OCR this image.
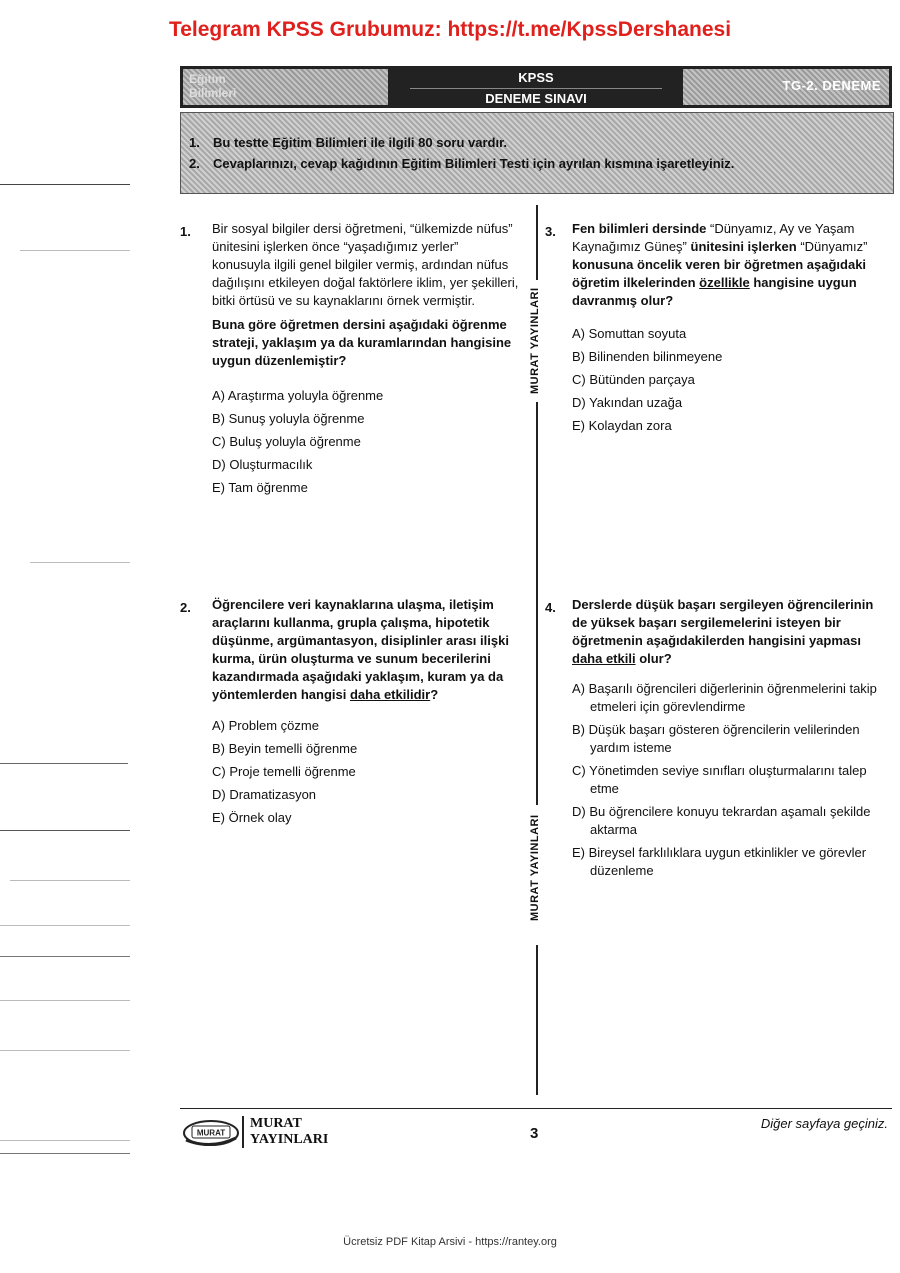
Telegram KPSS Grubumuz: https://t.me/KpssDershanesi
Eğitim
Bilimleri
KPSS
DENEME SINAVI
TG-2. DENEME
1. Bu testte Eğitim Bilimleri ile ilgili 80 soru vardır.
2. Cevaplarınızı, cevap kağıdının Eğitim Bilimleri Testi için ayrılan kısmına işaretleyiniz.
MURAT YAYINLARI
MURAT YAYINLARI
1. Bir sosyal bilgiler dersi öğretmeni, “ülkemizde nüfus” ünitesini işlerken önce “yaşadığımız yerler” konusuyla ilgili genel bilgiler vermiş, ardından nüfus dağılışını etkileyen doğal faktörlere iklim, yer şekilleri, bitki örtüsü ve su kaynaklarını örnek vermiştir.
Buna göre öğretmen dersini aşağıdaki öğrenme strateji, yaklaşım ya da kuramlarından hangisine uygun düzenlemiştir?
A) Araştırma yoluyla öğrenme
B) Sunuş yoluyla öğrenme
C) Buluş yoluyla öğrenme
D) Oluşturmacılık
E) Tam öğrenme
3. Fen bilimleri dersinde “Dünyamız, Ay ve Yaşam Kaynağımız Güneş” ünitesini işlerken “Dünyamız” konusuna öncelik veren bir öğretmen aşağıdaki öğretim ilkelerinden özellikle hangisine uygun davranmış olur?
A) Somuttan soyuta
B) Bilinenden bilinmeyene
C) Bütünden parçaya
D) Yakından uzağa
E) Kolaydan zora
2. Öğrencilere veri kaynaklarına ulaşma, iletişim araçlarını kullanma, grupla çalışma, hipotetik düşünme, argümantasyon, disiplinler arası ilişki kurma, ürün oluşturma ve sunum becerilerini kazandırmada aşağıdaki yaklaşım, kuram ya da yöntemlerden hangisi daha etkilidir?
A) Problem çözme
B) Beyin temelli öğrenme
C) Proje temelli öğrenme
D) Dramatizasyon
E) Örnek olay
4. Derslerde düşük başarı sergileyen öğrencilerinin de yüksek başarı sergilemelerini isteyen bir öğretmenin aşağıdakilerden hangisini yapması daha etkili olur?
A) Başarılı öğrencileri diğerlerinin öğrenmelerini takip etmeleri için görevlendirme
B) Düşük başarı gösteren öğrencilerin velilerinden yardım isteme
C) Yönetimden seviye sınıfları oluşturmalarını talep etme
D) Bu öğrencilere konuyu tekrardan aşamalı şekilde aktarma
E) Bireysel farklılıklara uygun etkinlikler ve görevler düzenleme
MURAT
MURAT
YAYINLARI	3
Diğer sayfaya geçiniz.
Ücretsiz PDF Kitap Arsivi - https://rantey.org
